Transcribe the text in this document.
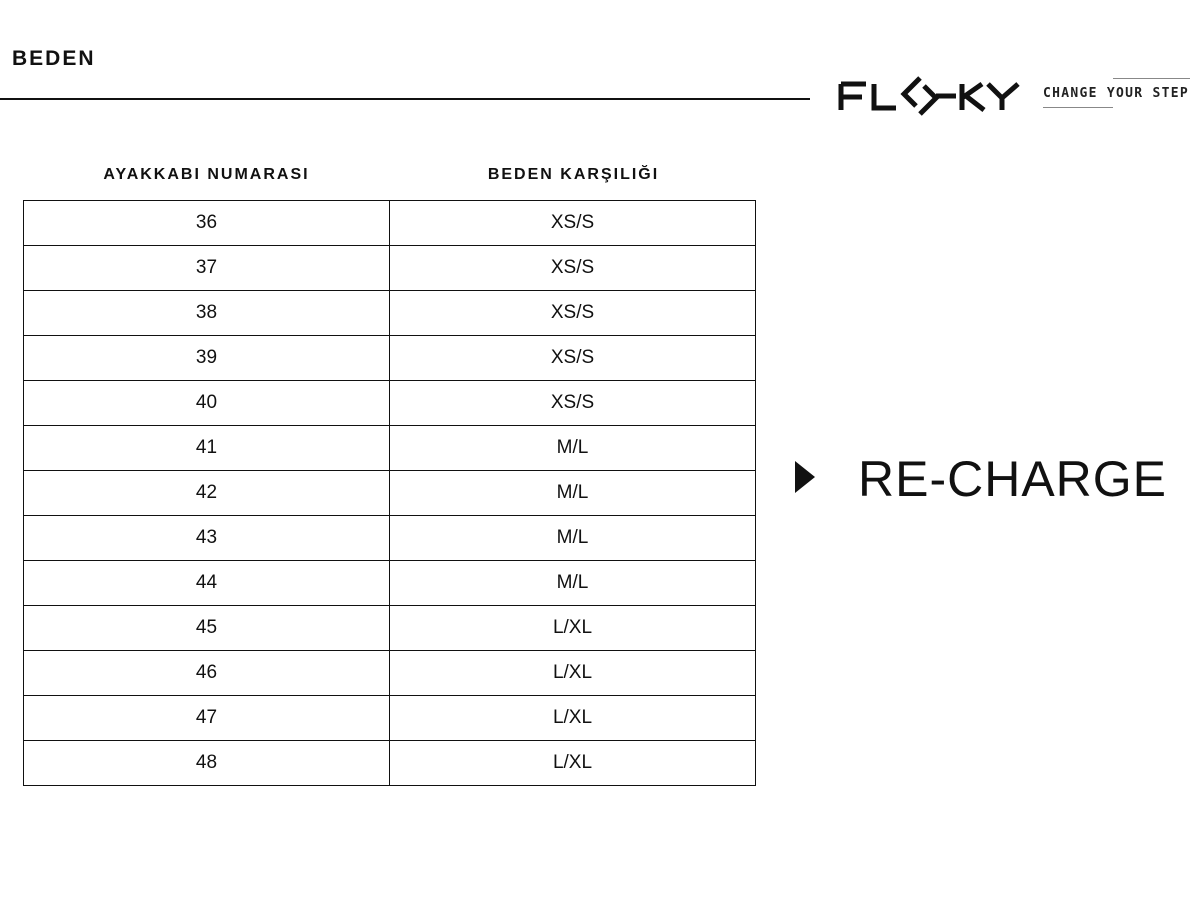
BEDEN
CHANGE YOUR STEP
AYAKKABI NUMARASI	BEDEN KARŞILIĞI
36	XS/S
37	XS/S
38	XS/S
39	XS/S
40	XS/S
41	M/L
42	M/L
43	M/L
44	M/L
45	L/XL
46	L/XL
47	L/XL
48	L/XL
RE-CHARGE
